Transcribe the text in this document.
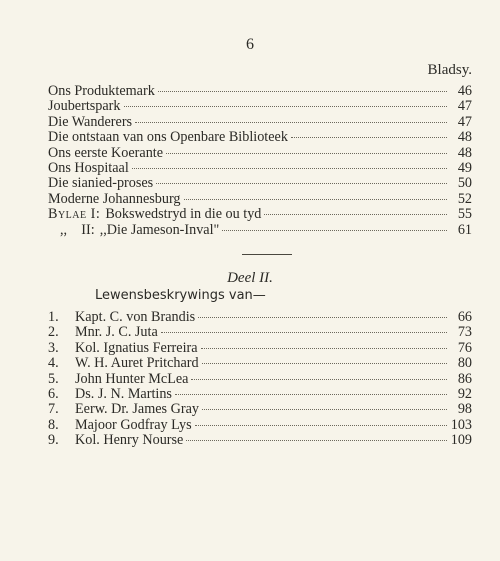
6
Bladsy.
Ons Produktemark	46
Joubertspark	47
Die Wanderers	47
Die ontstaan van ons Openbare Biblioteek	48
Ons eerste Koerante	48
Ons Hospitaal	49
Die sianied-proses	50
Moderne Johannesburg	52
Bylae I: Bokswedstryd in die ou tyd	55
,,    II: ,,Die Jameson-Inval"	61
Deel II.
Lewensbeskrywings van—
1.	Kapt. C. von Brandis	66
2.	Mnr. J. C. Juta	73
3.	Kol. Ignatius Ferreira	76
4.	W. H. Auret Pritchard	80
5.	John Hunter McLea	86
6.	Ds. J. N. Martins	92
7.	Eerw. Dr. James Gray	98
8.	Majoor Godfray Lys	103
9.	Kol. Henry Nourse	109
